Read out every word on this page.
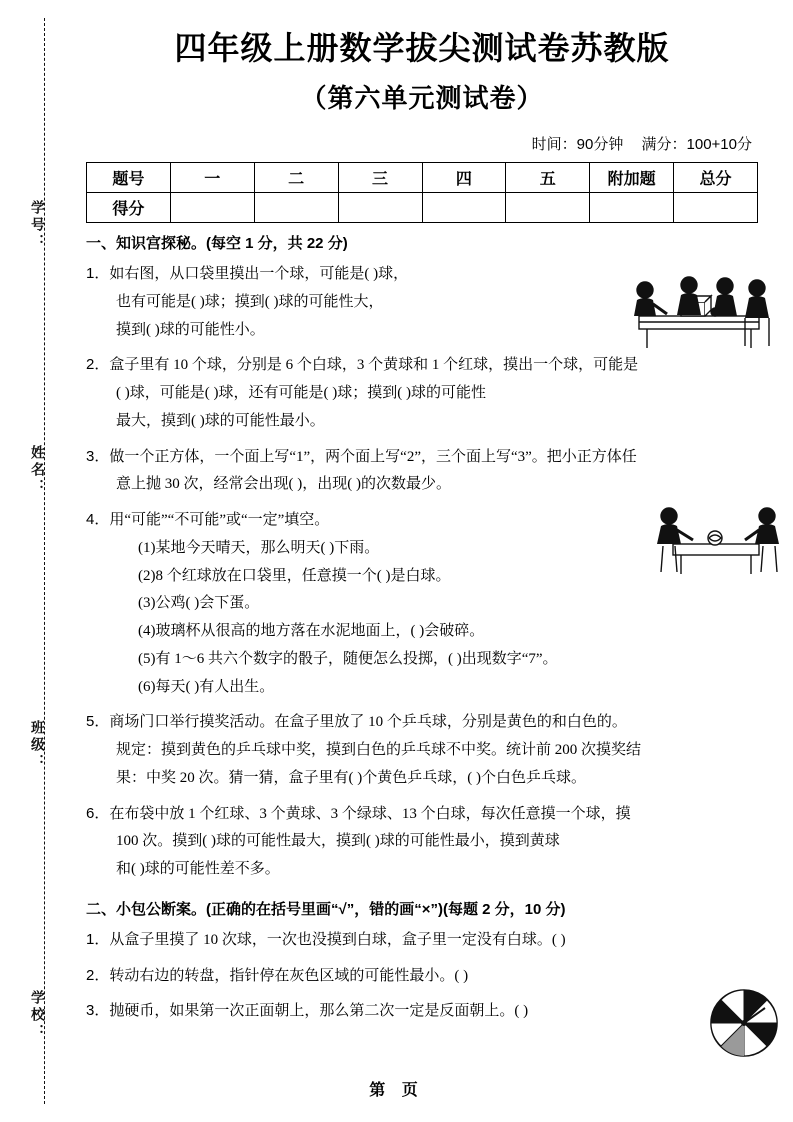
学号：
姓名：
班级：
学校：
四年级上册数学拔尖测试卷苏教版
（第六单元测试卷）
时间：90分钟 满分：100+10分
题号	一	二	三	四	五	附加题	总分
得分							
一、知识宫探秘。(每空 1 分，共 22 分)
1．如右图，从口袋里摸出一个球，可能是( )球，
也有可能是( )球；摸到( )球的可能性大，
摸到( )球的可能性小。
2．盒子里有 10 个球，分别是 6 个白球，3 个黄球和 1 个红球，摸出一个球，可能是
( )球，可能是( )球，还有可能是( )球；摸到( )球的可能性
最大，摸到( )球的可能性最小。
3．做一个正方体，一个面上写“1”，两个面上写“2”，三个面上写“3”。把小正方体任
意上抛 30 次，经常会出现( )，出现( )的次数最少。
4．用“可能”“不可能”或“一定”填空。
(1)某地今天晴天，那么明天( )下雨。
(2)8 个红球放在口袋里，任意摸一个( )是白球。
(3)公鸡( )会下蛋。
(4)玻璃杯从很高的地方落在水泥地面上，( )会破碎。
(5)有 1～6 共六个数字的骰子，随便怎么投掷，( )出现数字“7”。
(6)每天( )有人出生。
5．商场门口举行摸奖活动。在盒子里放了 10 个乒乓球，分别是黄色的和白色的。
规定：摸到黄色的乒乓球中奖，摸到白色的乒乓球不中奖。统计前 200 次摸奖结
果：中奖 20 次。猜一猜，盒子里有( )个黄色乒乓球，( )个白色乒乓球。
6．在布袋中放 1 个红球、3 个黄球、3 个绿球、13 个白球，每次任意摸一个球，摸
100 次。摸到( )球的可能性最大，摸到( )球的可能性最小，摸到黄球
和( )球的可能性差不多。
二、小包公断案。(正确的在括号里画“√”，错的画“×”)(每题 2 分，10 分)
1．从盒子里摸了 10 次球，一次也没摸到白球，盒子里一定没有白球。( )
2．转动右边的转盘，指针停在灰色区域的可能性最小。( )
3．抛硬币，如果第一次正面朝上，那么第二次一定是反面朝上。( )
第 页
